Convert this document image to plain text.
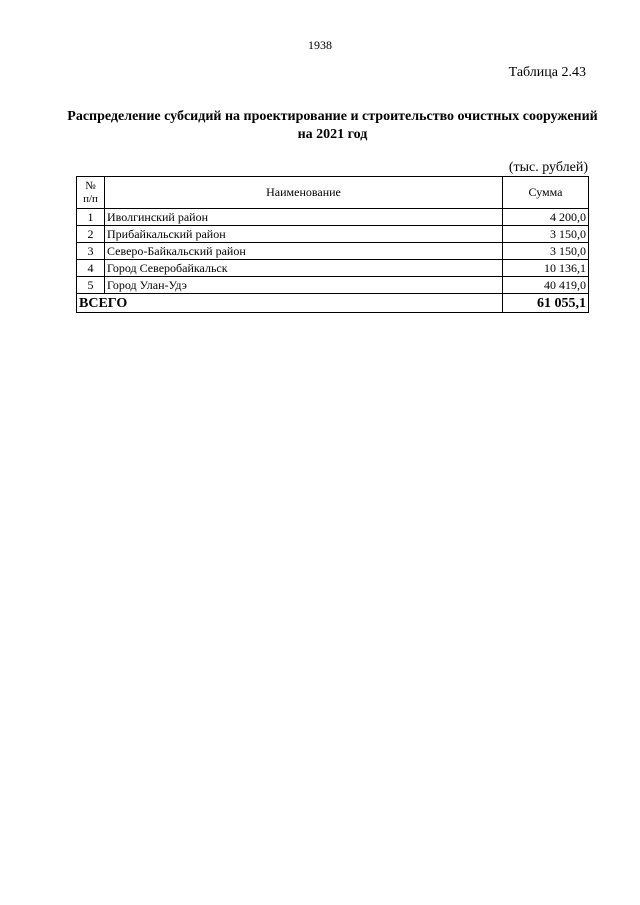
1938
Таблица 2.43
Распределение субсидий на проектирование и строительство очистных сооружений на 2021 год
(тыс. рублей)
№
п/п	Наименование	Сумма
1	Иволгинский район	4 200,0
2	Прибайкальский район	3 150,0
3	Северо-Байкальский район	3 150,0
4	Город Северобайкальск	10 136,1
5	Город Улан-Удэ	40 419,0
ВСЕГО		61 055,1
